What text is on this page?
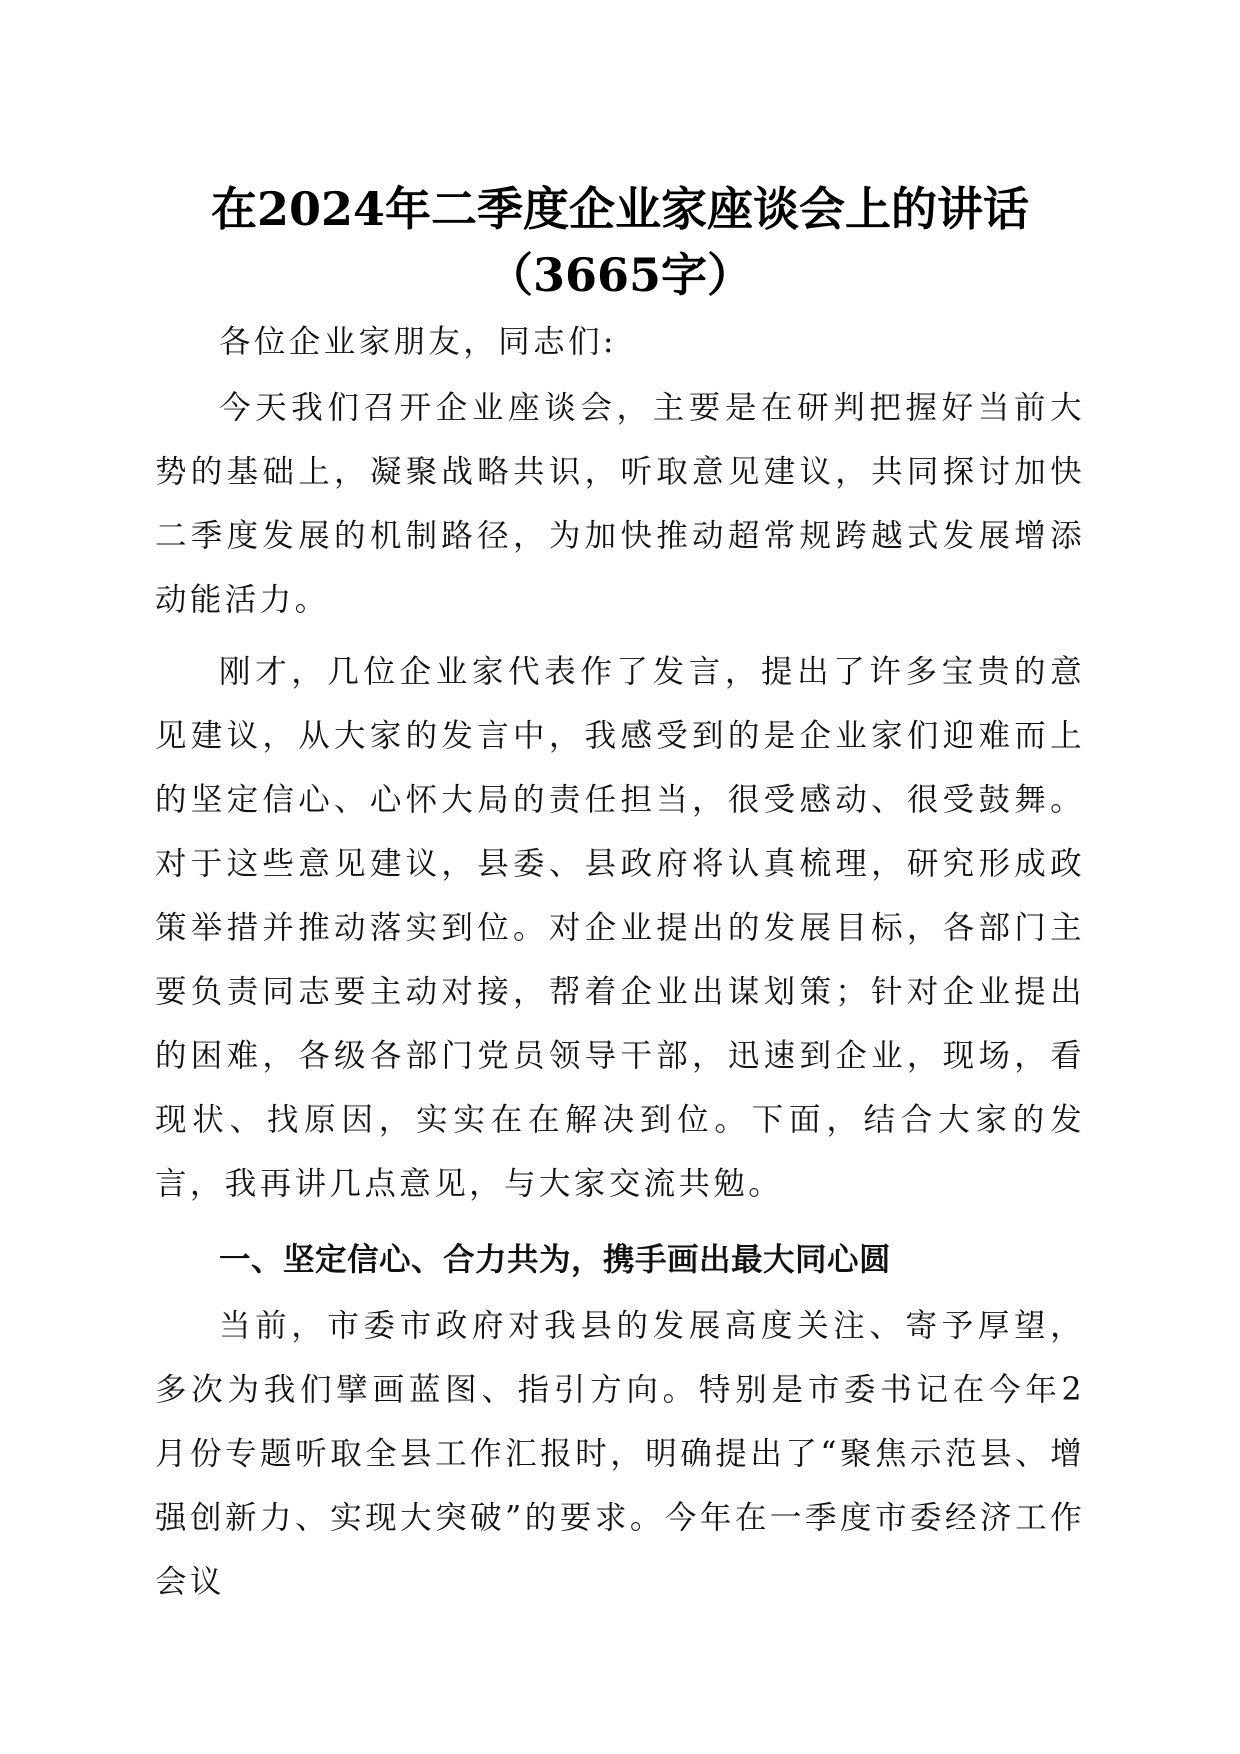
在2024年二季度企业家座谈会上的讲话
（3665字）
各位企业家朋友，同志们:
今天我们召开企业座谈会，主要是在研判把握好当前大势的基础上，凝聚战略共识，听取意见建议，共同探讨加快二季度发展的机制路径，为加快推动超常规跨越式发展增添动能活力。
刚才，几位企业家代表作了发言，提出了许多宝贵的意见建议，从大家的发言中，我感受到的是企业家们迎难而上的坚定信心、心怀大局的责任担当，很受感动、很受鼓舞。对于这些意见建议，县委、县政府将认真梳理，研究形成政策举措并推动落实到位。对企业提出的发展目标，各部门主要负责同志要主动对接，帮着企业出谋划策；针对企业提出的困难，各级各部门党员领导干部，迅速到企业，现场，看现状、找原因，实实在在解决到位。下面，结合大家的发言，我再讲几点意见，与大家交流共勉。
一、坚定信心、合力共为，携手画出最大同心圆
当前，市委市政府对我县的发展高度关注、寄予厚望，多次为我们擘画蓝图、指引方向。特别是市委书记在今年2月份专题听取全县工作汇报时，明确提出了“聚焦示范县、增强创新力、实现大突破”的要求。今年在一季度市委经济工作会议
